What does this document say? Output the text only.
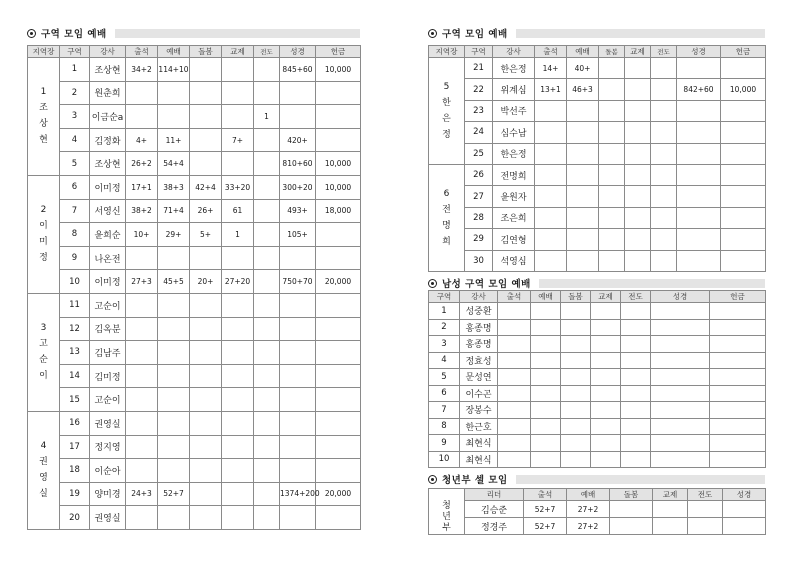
구역 모임 예배
지역장	구역	강사	출석	예배	돌봄	교제	전도	성경	헌금

1
조
상
현	1	조상현	34+2	114+10				845+60	10,000
	2	원춘희							
	3	이금순a					1		
	4	김정화	4+	11+		7+		420+	
	5	조상현	26+2	54+4				810+60	10,000

2
이
미
정	6	이미정	17+1	38+3	42+4	33+20		300+20	10,000
	7	서영신	38+2	71+4	26+	61		493+	18,000
	8	윤희순	10+	29+	5+	1		105+	
	9	나온전							
	10	이미정	27+3	45+5	20+	27+20		750+70	20,000

3
고
순
이	11	고순이							
	12	김옥분							
	13	김남주							
	14	김미정							
	15	고순이							

4
권
영
실	16	권영실							
	17	정지영							
	18	이순아							
	19	양미경	24+3	52+7				1374+200	20,000
	20	권영실							
구역 모임 예배
지역장	구역	강사	출석	예배	돌봄	교제	전도	성경	헌금

5
한
은
정	21	한은정	14+	40+					
	22	위계심	13+1	46+3				842+60	10,000
	23	박선주							
	24	심수남							
	25	한은정							

6
전
명
희	26	전명희							
	27	윤원자							
	28	조은희							
	29	김연형							
	30	석영심							
남성 구역 모임 예배
구역	강사	출석	예배	돌봄	교제	전도	성경	헌금
1	성중환							
2	홍종명							
3	홍종명							
4	정효성							
5	문성연							
6	이수곤							
7	장봉수							
8	한근호							
9	최현식							
10	최현식							
청년부 셀 모임
	리더	출석	예배	돌봄	교제	전도	성경

청
년
부	김승준	52+7	27+2				
	정경주	52+7	27+2				
